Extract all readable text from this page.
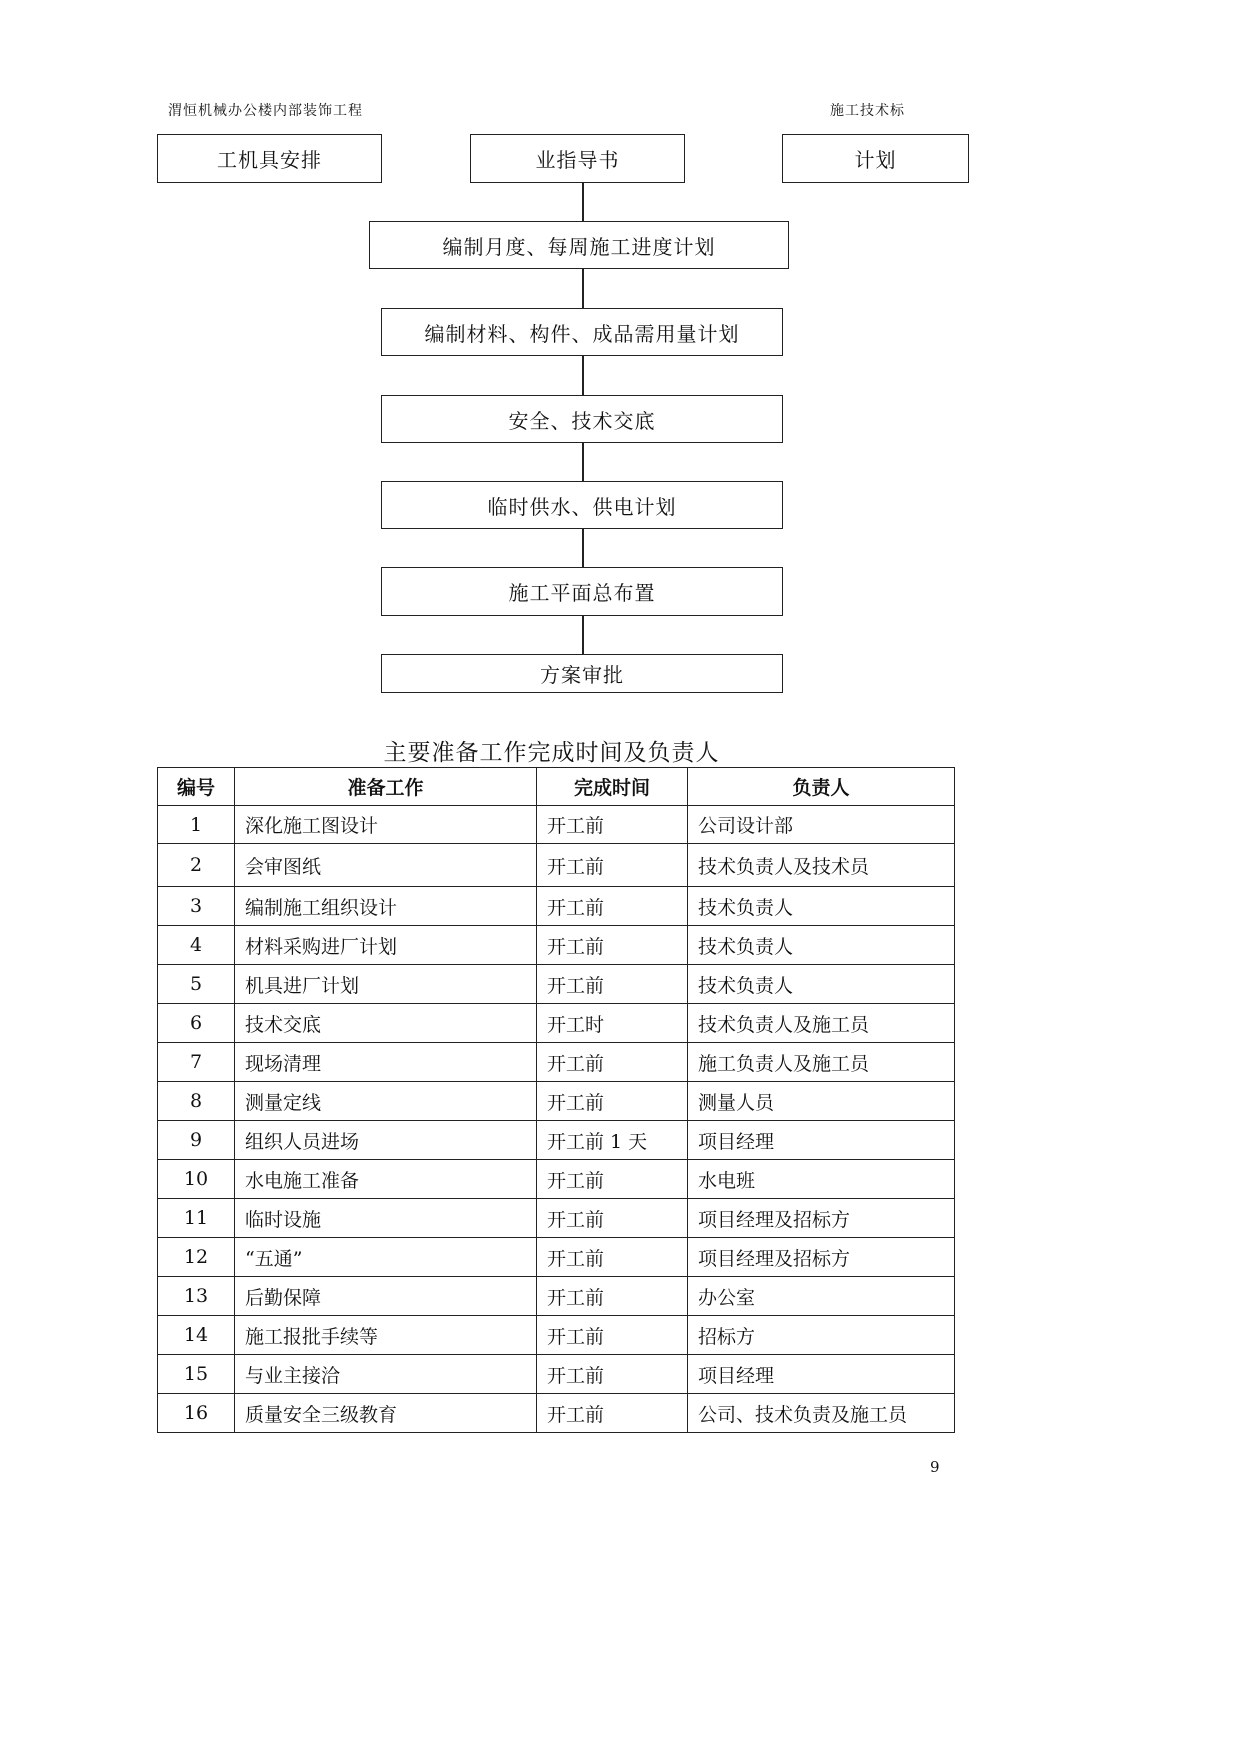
渭恒机械办公楼内部装饰工程	施工技术标
工机具安排	业指导书	计划
编制月度、每周施工进度计划
编制材料、构件、成品需用量计划
安全、技术交底
临时供水、供电计划
施工平面总布置
方案审批
主要准备工作完成时间及负责人
编号	准备工作	完成时间	负责人
1	深化施工图设计	开工前	公司设计部
2	会审图纸	开工前	技术负责人及技术员
3	编制施工组织设计	开工前	技术负责人
4	材料采购进厂计划	开工前	技术负责人
5	机具进厂计划	开工前	技术负责人
6	技术交底	开工时	技术负责人及施工员
7	现场清理	开工前	施工负责人及施工员
8	测量定线	开工前	测量人员
9	组织人员进场	开工前 1 天	项目经理
10	水电施工准备	开工前	水电班
11	临时设施	开工前	项目经理及招标方
12	“五通”	开工前	项目经理及招标方
13	后勤保障	开工前	办公室
14	施工报批手续等	开工前	招标方
15	与业主接洽	开工前	项目经理
16	质量安全三级教育	开工前	公司、技术负责及施工员
9
